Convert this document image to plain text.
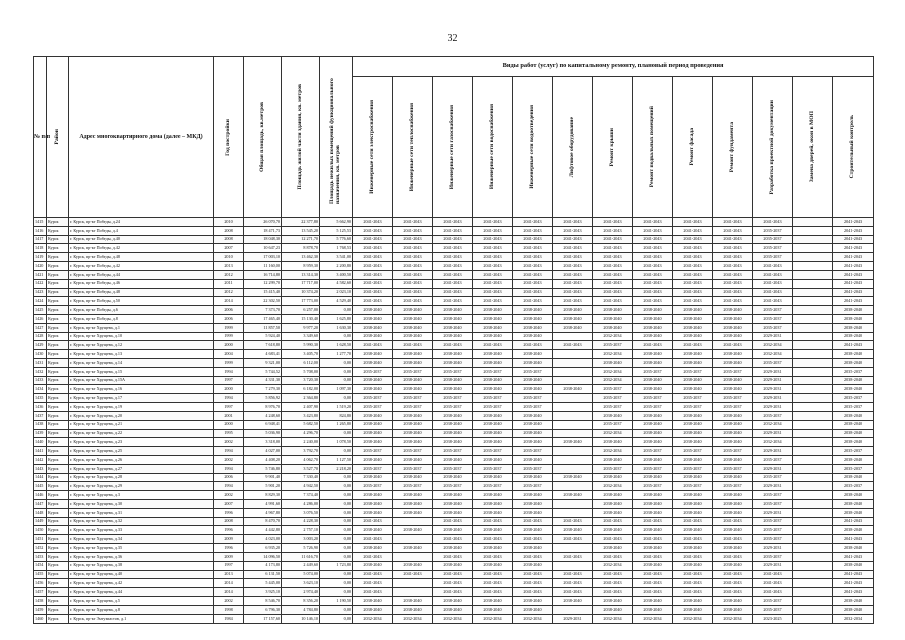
32
№ п/п	Район	Адрес многоквартирного дома (далее – МКД)	Год постройки	Общая площадь, кв.метров	Площадь жилой части здания, кв. метров	Площадь нежилых помещений функционального назначения, кв. метров	Виды работ (услуг) по капитальному ремонту, плановый период проведения												

							Инженерные сети электроснабжения	Инженерные сети теплоснабжения	Инженерные сети газоснабжения	Инженерные сети водоснабжения	Инженерные сети водоотведения	Лифтовое оборудование	Ремонт крыши	Ремонт подвальных помещений	Ремонт фасада	Ремонт фундамента	Разработка проектной документации	Замена дверей, окон в МОП	Строительный контроль

1415	Курск	г. Курск, пр-кт Победы, д.24	2010	26 070,70	22 377,80	5 662,90	2041-2043	2041-2043	2041-2043	2041-2043	2041-2043	2041-2043	2041-2043	2041-2043	2041-2043	2041-2043	2041-2043		2041-2043
1416	Курск	г. Курск, пр-кт Победы, д.4	2008	18 471,73	13 545,20	5 125,53	2041-2043	2041-2043	2041-2043	2041-2043	2041-2043	2041-2043	2041-2043	2041-2043	2041-2043	2041-2043	2035-2037		2041-2043
1417	Курск	г. Курск, пр-кт Победы, д.40	2008	18 048,30	12 271,70	5 776,60	2041-2043	2041-2043	2041-2043	2041-2043	2041-2043	2041-2043	2041-2043	2041-2043	2041-2043	2041-2043	2035-2037		2041-2043
1418	Курск	г. Курск, пр-кт Победы, д.42	2007	10 647,23	8 878,70	1 768,53	2041-2043	2041-2043	2041-2043	2041-2043	2041-2043	2041-2043	2041-2043	2041-2043	2041-2043	2041-2043	2035-2037		2041-2043
1419	Курск	г. Курск, пр-кт Победы, д.48	2010	17 003,10	13 462,30	3 541,00	2041-2043	2041-2043	2041-2043	2041-2043	2041-2043	2041-2043	2041-2043	2041-2043	2041-2043	2041-2043	2035-2037		2041-2043
1420	Курск	г. Курск, пр-кт Победы, д.42	2013	11 160,00	8 959,30	2 200,80	2041-2043	2041-2043	2041-2043	2041-2043	2041-2043	2041-2043	2041-2043	2041-2043	2041-2043	2041-2043	2041-2043		2041-2043
1421	Курск	г. Курск, пр-кт Победы, д.44	2012	16 714,80	13 314,30	3 400,50	2041-2043	2041-2043	2041-2043	2041-2043	2041-2043	2041-2043	2041-2043	2041-2043	2041-2043	2041-2043	2041-2043		2041-2043
1422	Курск	г. Курск, пр-кт Победы, д.46	2011	12 299,70	17 717,00	4 582,60	2041-2043	2041-2043	2041-2043	2041-2043	2041-2043	2041-2043	2041-2043	2041-2043	2041-2043	2041-2043	2041-2043		2041-2043
1423	Курск	г. Курск, пр-кт Победы, д.48	2012	15 415,40	10 374,20	2 023,10	2041-2043	2041-2043	2041-2043	2041-2043	2041-2043	2041-2043	2041-2043	2041-2043	2041-2043	2041-2043	2041-2043		2041-2043
1424	Курск	г. Курск, пр-кт Победы, д.50	2014	22 302,50	17 773,00	4 529,40	2041-2043	2041-2043	2041-2043	2041-2043	2041-2043	2041-2043	2041-2043	2041-2043	2041-2043	2041-2043	2041-2043		2041-2043
1425	Курск	г. Курск, пр-кт Победы, д.6	2006	7 373,70	6 257,00	0,00	2038-2040	2038-2040	2038-2040	2038-2040	2038-2040	2038-2040	2038-2040	2038-2040	2038-2040	2038-2040	2035-2037		2038-2040
1426	Курск	г. Курск, пр-кт Победы, д.8	2006	17 465,40	15 130,40	1 625,80	2038-2040	2038-2040	2038-2040	2038-2040	2038-2040	2038-2040	2038-2040	2038-2040	2038-2040	2038-2040	2035-2037		2038-2040
1427	Курск	г. Курск, пр-кт Хрущева, д.1	1999	11 857,50	9 977,20	1 630,30	2038-2040	2038-2040	2038-2040	2038-2040	2038-2040	2038-2040	2038-2040	2038-2040	2038-2040	2038-2040	2035-2037		2038-2040
1428	Курск	г. Курск, пр-кт Хрущева, д.10	1999	5 924,40	3 349,60	0,00	2038-2040	2038-2040	2038-2040	2038-2040	2038-2040		2032-2034	2038-2040	2038-2040	2038-2040	2029-2031		2038-2040
1429	Курск	г. Курск, пр-кт Хрущева, д.12	2000	7 618,80	5 990,30	1 628,50	2041-2043	2041-2043	2041-2043	2041-2043	2041-2043	2041-2043	2035-2037	2041-2043	2041-2043	2041-2043	2032-2034		2041-2043
1430	Курск	г. Курск, пр-кт Хрущева, д.13	2004	4 683,41	3 405,70	1 277,70	2038-2040	2038-2040	2038-2040	2038-2040	2038-2040		2032-2034	2038-2040	2038-2040	2038-2040	2032-2034		2038-2040
1431	Курск	г. Курск, пр-кт Хрущева, д.14	1999	9 321,00	6 112,00	0,00	2038-2040	2038-2040	2038-2040	2038-2040	2038-2040		2038-2040	2038-2040	2038-2040	2038-2040	2035-2037		2038-2040
1432	Курск	г. Курск, пр-кт Хрущева, д.15	1994	5 744,52	5 708,00	0,00	2035-2037	2035-2037	2035-2037	2035-2037	2035-2037		2032-2034	2035-2037	2035-2037	2035-2037	2029-2031		2035-2037
1433	Курск	г. Курск, пр-кт Хрущева, д.15А	1997	4 331,30	3 720,30	0,00	2038-2040	2038-2040	2038-2040	2038-2040	2038-2040		2032-2034	2038-2040	2038-2040	2038-2040	2029-2031		2038-2040
1434	Курск	г. Курск, пр-кт Хрущева, д.16	2000	7 279,30	6 182,00	1 097,30	2038-2040	2038-2040	2038-2040	2038-2040	2038-2040	2038-2040	2035-2037	2038-2040	2038-2040	2038-2040	2029-2031		2038-2040
1435	Курск	г. Курск, пр-кт Хрущева, д.17	1994	5 856,92	2 364,80	0,00	2035-2037	2035-2037	2035-2037	2035-2037	2035-2037		2035-2037	2035-2037	2035-2037	2035-2037	2029-2031		2035-2037
1436	Курск	г. Курск, пр-кт Хрущева, д.19	1997	8 976,70	2 407,90	1 519,20	2035-2037	2035-2037	2035-2037	2035-2037	2035-2037		2035-2037	2035-2037	2035-2037	2035-2037	2029-2031		2035-2037
1437	Курск	г. Курск, пр-кт Хрущева, д.20	2001	4 248,60	3 423,80	824,80	2038-2040	2038-2040	2038-2040	2038-2040	2038-2040		2038-2040	2038-2040	2038-2040	2038-2040	2035-2037		2038-2040
1438	Курск	г. Курск, пр-кт Хрущева, д.21	2000	6 948,41	5 682,50	1 265,80	2038-2040	2038-2040	2038-2040	2038-2040	2038-2040		2035-2037	2038-2040	2038-2040	2038-2040	2032-2034		2038-2040
1439	Курск	г. Курск, пр-кт Хрущева, д.22	1995	5 036,90	4 296,70	0,00	2038-2040	2038-2040	2038-2040	2038-2040	2038-2040		2032-2034	2038-2040	2038-2040	2038-2040	2029-2031		2038-2040
1440	Курск	г. Курск, пр-кт Хрущева, д.23	2002	3 318,00	2 240,00	1 078,50	2038-2040	2038-2040	2038-2040	2038-2040	2038-2040	2038-2040	2038-2040	2038-2040	2038-2040	2038-2040	2032-2034		2038-2040
1441	Курск	г. Курск, пр-кт Хрущева, д.25	1994	4 027,00	3 792,70	0,00	2035-2037	2035-2037	2035-2037	2035-2037	2035-2037		2032-2034	2035-2037	2035-2037	2035-2037	2029-2031		2035-2037
1442	Курск	г. Курск, пр-кт Хрущева, д.26	2002	4 408,20	4 062,70	1 127,50	2038-2040	2038-2040	2038-2040	2038-2040	2038-2040		2038-2040	2038-2040	2038-2040	2038-2040	2035-2037		2038-2040
1443	Курск	г. Курск, пр-кт Хрущева, д.27	1994	5 746,80	3 527,70	2 218,20	2035-2037	2035-2037	2035-2037	2035-2037	2035-2037		2035-2037	2035-2037	2035-2037	2035-2037	2029-2031		2035-2037
1444	Курск	г. Курск, пр-кт Хрущева, д.28	2006	9 901,40	7 330,40	0,00	2038-2040	2038-2040	2038-2040	2038-2040	2038-2040	2038-2040	2038-2040	2038-2040	2038-2040	2038-2040	2035-2037		2038-2040
1445	Курск	г. Курск, пр-кт Хрущева, д.29	1994	5 901,20	4 942,50	0,00	2035-2037	2035-2037	2035-2037	2035-2037	2035-2037		2032-2034	2035-2037	2035-2037	2035-2037	2029-2031		2035-2037
1446	Курск	г. Курск, пр-кт Хрущева, д.3	2002	8 829,30	7 374,40	0,00	2038-2040	2038-2040	2038-2040	2038-2040	2038-2040	2038-2040	2038-2040	2038-2040	2038-2040	2038-2040	2035-2037		2038-2040
1447	Курск	г. Курск, пр-кт Хрущева, д.30	2007	4 991,60	4 286,00	0,00	2038-2040	2038-2040	2038-2040	2038-2040	2038-2040		2038-2040	2038-2040	2038-2040	2038-2040	2035-2037		2038-2040
1448	Курск	г. Курск, пр-кт Хрущева, д.31	1996	4 967,80	3 076,50	0,00	2038-2040	2038-2040	2038-2040	2038-2040	2038-2040		2038-2040	2038-2040	2038-2040	2038-2040	2029-2031		2038-2040
1449	Курск	г. Курск, пр-кт Хрущева, д.32	2008	8 470,70	4 228,30	0,00	2041-2043		2041-2043	2041-2043	2041-2043	2041-2043	2041-2043	2041-2043	2041-2043	2041-2043	2035-2037		2041-2043
1450	Курск	г. Курск, пр-кт Хрущева, д.33	1996	4 442,80	2 757,10	0,00	2038-2040	2038-2040	2038-2040	2038-2040	2038-2040	2038-2040	2038-2040	2038-2040	2038-2040	2038-2040	2035-2037		2038-2040
1451	Курск	г. Курск, пр-кт Хрущева, д.34	2009	4 023,00	3 003,20	0,00	2041-2043		2041-2043	2041-2043	2041-2043	2041-2043	2041-2043	2041-2043	2041-2043	2041-2043	2035-2037		2041-2043
1452	Курск	г. Курск, пр-кт Хрущева, д.35	1996	6 935,20	5 726,90	0,00	2038-2040	2038-2040	2038-2040	2038-2040	2038-2040		2038-2040	2038-2040	2038-2040	2038-2040	2029-2031		2038-2040
1453	Курск	г. Курск, пр-кт Хрущева, д.36	2009	14 096,50	11 616,70	0,00	2041-2043		2041-2043	2041-2043	2041-2043	2041-2043	2041-2043	2041-2043	2041-2043	2041-2043	2035-2037		2041-2043
1454	Курск	г. Курск, пр-кт Хрущева, д.38	1997	4 173,80	2 449,60	1 723,80	2038-2040	2038-2040	2038-2040	2038-2040	2038-2040		2032-2034	2038-2040	2038-2040	2038-2040	2029-2031		2038-2040
1455	Курск	г. Курск, пр-кт Хрущева, д.40	2013	6 131,50	5 074,00	0,00	2041-2043	2041-2043	2041-2043	2041-2043	2041-2043	2041-2043	2041-2043	2041-2043	2041-2043	2041-2043	2041-2043		2041-2043
1456	Курск	г. Курск, пр-кт Хрущева, д.42	2014	5 445,00	3 623,10	0,00	2041-2043		2041-2043	2041-2043	2041-2043	2041-2043	2041-2043	2041-2043	2041-2043	2041-2043	2041-2043		2041-2043
1457	Курск	г. Курск, пр-кт Хрущева, д.44	2014	3 925,10	2 974,40	0,00	2041-2043		2041-2043	2041-2043	2041-2043	2041-2043	2041-2043	2041-2043	2041-2043	2041-2043	2041-2043		2041-2043
1458	Курск	г. Курск, пр-кт Хрущева, д.5	2002	8 546,70	8 356,20	1 190,50	2038-2040	2038-2040	2038-2040	2038-2040	2038-2040	2038-2040	2038-2040	2038-2040	2038-2040	2038-2040	2035-2037		2038-2040
1459	Курск	г. Курск, пр-кт Хрущева, д.8	1998	6 796,30	4 784,80	0,00	2038-2040	2038-2040	2038-2040	2038-2040	2038-2040		2038-2040	2038-2040	2038-2040	2038-2040	2035-2037		2038-2040
1460	Курск	г. Курск, пр-кт Энтузиастов, д.1	1984	17 157,60	10 146,10	0,00	2032-2034	2032-2034	2032-2034	2032-2034	2032-2034	2029-2031	2032-2034	2032-2034	2032-2034	2032-2034	2023-2025		2032-2034
